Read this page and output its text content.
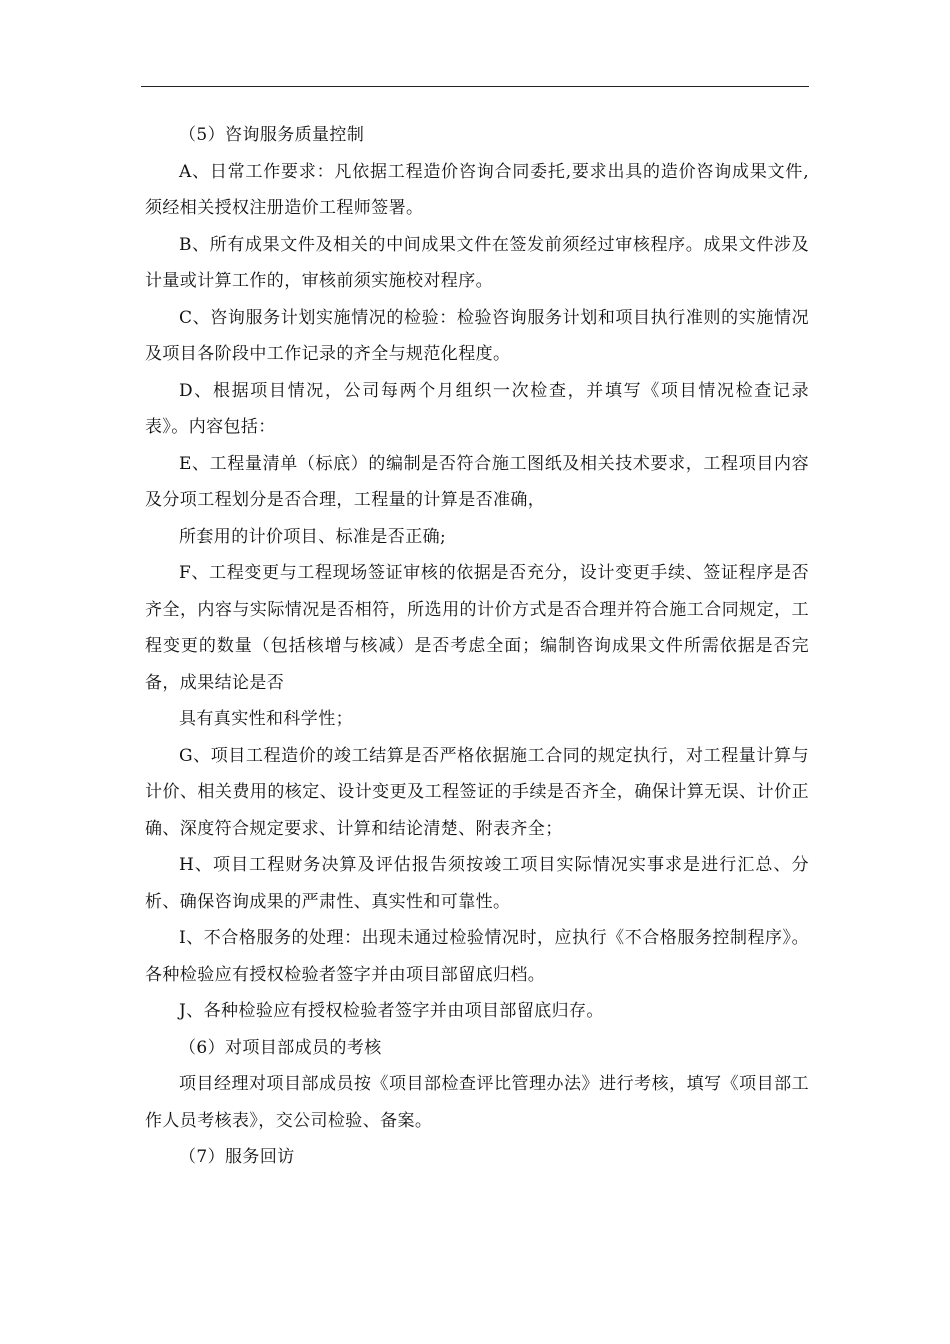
（5）咨询服务质量控制

A、日常工作要求：凡依据工程造价咨询合同委托,要求出具的造价咨询成果文件,须经相关授权注册造价工程师签署。

B、所有成果文件及相关的中间成果文件在签发前须经过审核程序。成果文件涉及计量或计算工作的，审核前须实施校对程序。

C、咨询服务计划实施情况的检验：检验咨询服务计划和项目执行准则的实施情况及项目各阶段中工作记录的齐全与规范化程度。

D、根据项目情况，公司每两个月组织一次检查，并填写《项目情况检查记录表》。内容包括：

E、工程量清单（标底）的编制是否符合施工图纸及相关技术要求，工程项目内容及分项工程划分是否合理，工程量的计算是否准确，

所套用的计价项目、标准是否正确;

F、工程变更与工程现场签证审核的依据是否充分，设计变更手续、签证程序是否齐全，内容与实际情况是否相符，所选用的计价方式是否合理并符合施工合同规定，工程变更的数量（包括核增与核减）是否考虑全面；编制咨询成果文件所需依据是否完备，成果结论是否

具有真实性和科学性；

G、项目工程造价的竣工结算是否严格依据施工合同的规定执行，对工程量计算与计价、相关费用的核定、设计变更及工程签证的手续是否齐全，确保计算无误、计价正确、深度符合规定要求、计算和结论清楚、附表齐全；

H、项目工程财务决算及评估报告须按竣工项目实际情况实事求是进行汇总、分析、确保咨询成果的严肃性、真实性和可靠性。

I、不合格服务的处理：出现未通过检验情况时，应执行《不合格服务控制程序》。各种检验应有授权检验者签字并由项目部留底归档。

J、各种检验应有授权检验者签字并由项目部留底归存。

（6）对项目部成员的考核

项目经理对项目部成员按《项目部检查评比管理办法》进行考核，填写《项目部工作人员考核表》，交公司检验、备案。

（7）服务回访
